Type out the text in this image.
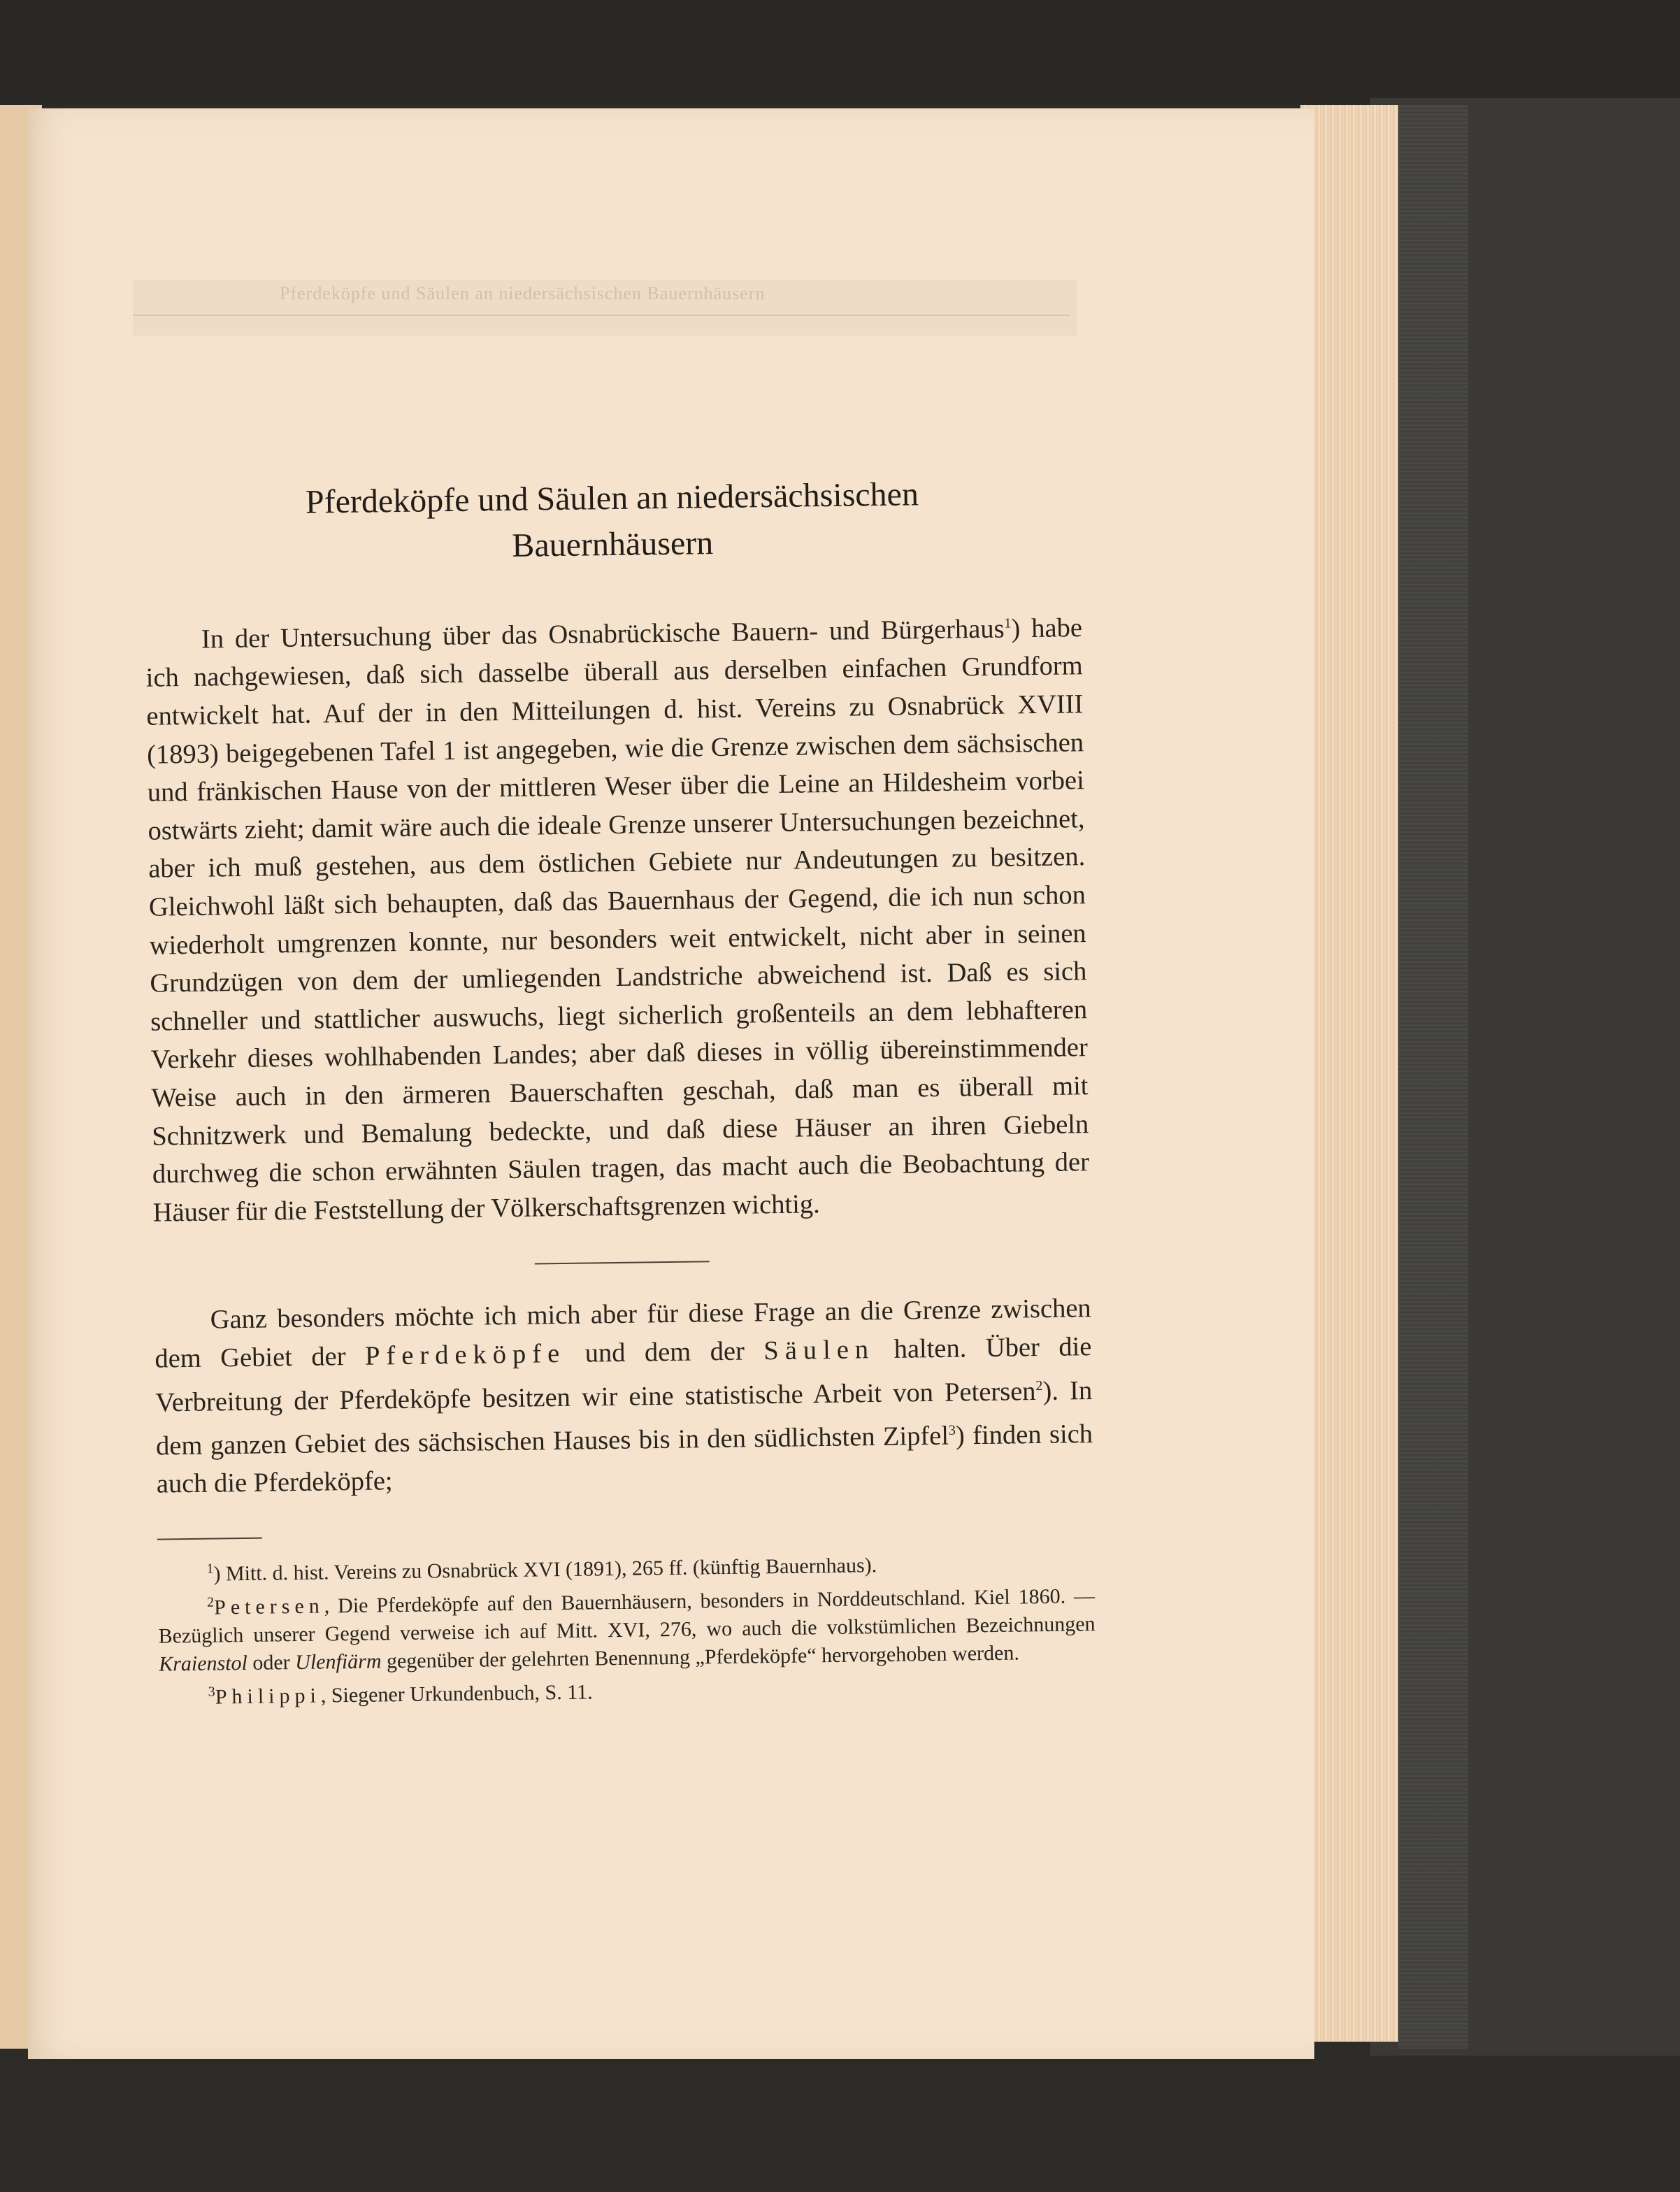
Pferdeköpfe und Säulen an niedersächsischen Bauernhäusern
Pferdeköpfe und Säulen an niedersächsischen
Bauernhäusern

In der Untersuchung über das Osnabrückische Bauern- und Bürgerhaus$^1$) habe ich nachgewiesen, daß sich dasselbe überall aus derselben einfachen Grundform entwickelt hat. Auf der in den Mitteilungen d. hist. Vereins zu Osnabrück XVIII (1893) beigegebenen Tafel 1 ist angegeben, wie die Grenze zwischen dem sächsischen und fränkischen Hause von der mittleren Weser über die Leine an Hildesheim vorbei ostwärts zieht; damit wäre auch die ideale Grenze unserer Untersuchungen bezeichnet, aber ich muß gestehen, aus dem östlichen Gebiete nur Andeutungen zu besitzen. Gleichwohl läßt sich behaupten, daß das Bauernhaus der Gegend, die ich nun schon wiederholt umgrenzen konnte, nur besonders weit entwickelt, nicht aber in seinen Grundzügen von dem der umliegenden Landstriche abweichend ist. Daß es sich schneller und stattlicher auswuchs, liegt sicherlich großenteils an dem lebhafteren Verkehr dieses wohlhabenden Landes; aber daß dieses in völlig übereinstimmender Weise auch in den ärmeren Bauerschaften geschah, daß man es überall mit Schnitzwerk und Bemalung bedeckte, und daß diese Häuser an ihren Giebeln durchweg die schon erwähnten Säulen tragen, das macht auch die Beobachtung der Häuser für die Feststellung der Völkerschaftsgrenzen wichtig.

Ganz besonders möchte ich mich aber für diese Frage an die Grenze zwischen dem Gebiet der Pferdeköpfe und dem der Säulen halten. Über die Verbreitung der Pferdeköpfe besitzen wir eine statistische Arbeit von Petersen$^2$). In dem ganzen Gebiet des sächsischen Hauses bis in den südlichsten Zipfel$^3$) finden sich auch die Pferdeköpfe;

$^1$) Mitt. d. hist. Vereins zu Osnabrück XVI (1891), 265 ff. (künftig Bauernhaus).

$^2$Petersen, Die Pferdeköpfe auf den Bauernhäusern, besonders in Norddeutschland. Kiel 1860. — Bezüglich unserer Gegend verweise ich auf Mitt. XVI, 276, wo auch die volkstümlichen Bezeichnungen Kraienstol oder Ulenfiärm gegenüber der gelehrten Benennung „Pferdeköpfe“ hervorgehoben werden.

$^3$Philippi, Siegener Urkundenbuch, S. 11.
